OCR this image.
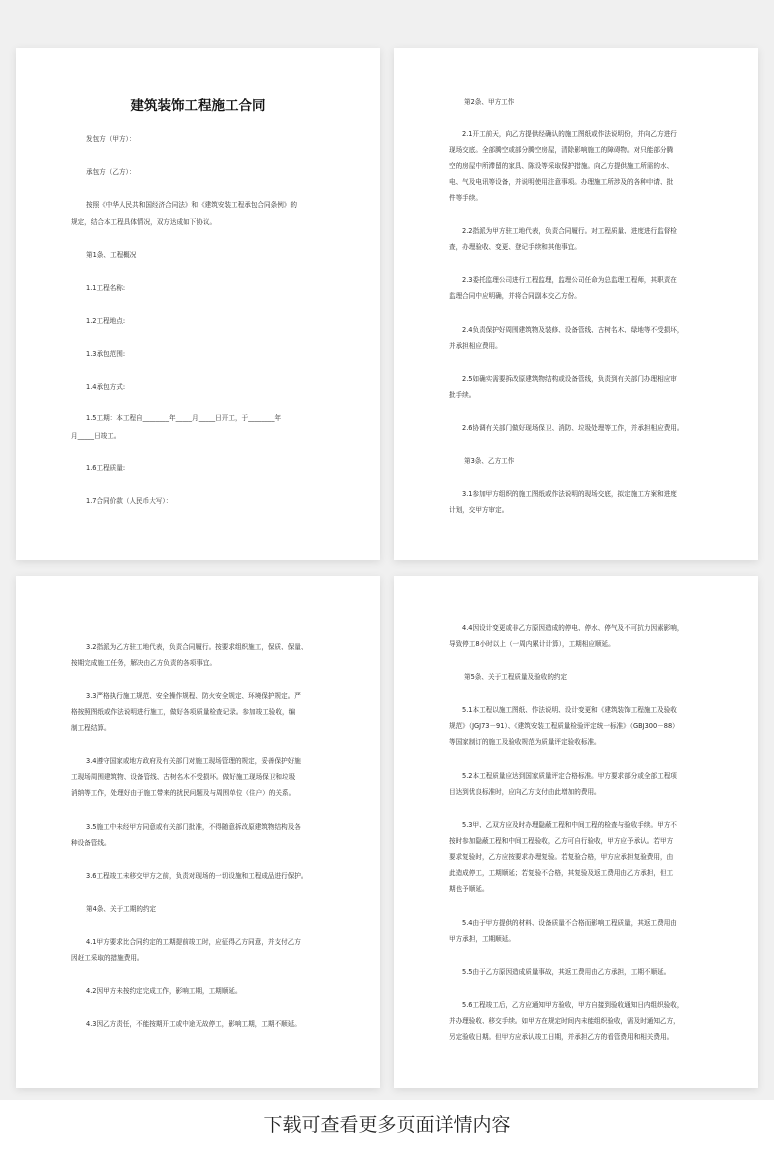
建筑装饰工程施工合同
发包方（甲方）：
承包方（乙方）：
按照《中华人民共和国经济合同法》和《建筑安装工程承包合同条例》的
规定，结合本工程具体情况，双方达成如下协议。
第1条、工程概况
1.1工程名称:
1.2工程地点:
1.3承包范围:
1.4承包方式:
1.5工期：本工程自________年_____月_____日开工，于________年
月_____日竣工。
1.6工程质量:
1.7合同价款（人民币大写）：
第2条、甲方工作
2.1开工前天，向乙方提供经确认的施工图纸或作法说明份，并向乙方进行
现场交底。全部腾空或部分腾空房屋，清除影响施工的障碍物。对只能部分腾
空的房屋中所滞留的家具、陈设等采取保护措施。向乙方提供施工所需的水、
电、气及电讯等设备，并说明使用注意事项。办理施工所涉及的各种申请、批
件等手续。
2.2指派为甲方驻工地代表，负责合同履行。对工程质量、进度进行监督检
查，办理验收、变更、登记手续和其他事宜。
2.3委托监理公司进行工程监理，监理公司任命为总监理工程师，其职责在
监理合同中应明确，并将合同副本交乙方份。
2.4负责保护好周围建筑物及装修、设备管线、古树名木、绿地等不受损坏，
并承担相应费用。
2.5如确实需要拆改原建筑物结构或设备管线，负责到有关部门办理相应审
批手续。
2.6协调有关部门做好现场保卫、消防、垃圾处理等工作，并承担相应费用。
第3条、乙方工作
3.1参加甲方组织的施工图纸或作法说明的现场交底，拟定施工方案和进度
计划，交甲方审定。
3.2指派为乙方驻工地代表，负责合同履行。按要求组织施工，保质、保量、
按期完成施工任务，解决由乙方负责的各项事宜。
3.3严格执行施工规范、安全操作规程、防火安全规定、环境保护规定。严
格按照图纸或作法说明进行施工，做好各项质量检查记录。参加竣工验收，编
制工程结算。
3.4遵守国家或地方政府及有关部门对施工现场管理的规定，妥善保护好施
工现场周围建筑物、设备管线、古树名木不受损坏。做好施工现场保卫和垃圾
消纳等工作，处理好由于施工带来的扰民问题及与周围单位（住户）的关系。
3.5施工中未经甲方同意或有关部门批准，不得随意拆改原建筑物结构及各
种设备管线。
3.6工程竣工未移交甲方之前，负责对现场的一切设施和工程成品进行保护。
第4条、关于工期的约定
4.1甲方要求比合同约定的工期提前竣工时，应征得乙方同意，并支付乙方
因赶工采取的措施费用。
4.2因甲方未按约定完成工作，影响工期，工期顺延。
4.3因乙方责任，不能按期开工或中途无故停工，影响工期，工期不顺延。
4.4因设计变更或非乙方原因造成的停电、停水、停气及不可抗力因素影响，
导致停工8小时以上（一周内累计计算），工期相应顺延。
第5条、关于工程质量及验收的约定
5.1本工程以施工图纸、作法说明、设计变更和《建筑装饰工程施工及验收
规范》（JGJ73－91）、《建筑安装工程质量检验评定统一标准》（GBJ300－88）
等国家制订的施工及验收规范为质量评定验收标准。
5.2本工程质量应达到国家质量评定合格标准。甲方要求部分或全部工程项
目达到优良标准时，应向乙方支付由此增加的费用。
5.3甲、乙双方应及时办理隐蔽工程和中间工程的检查与验收手续。甲方不
按时参加隐蔽工程和中间工程验收，乙方可自行验收，甲方应予承认。若甲方
要求复验时，乙方应按要求办理复验。若复验合格，甲方应承担复验费用，由
此造成停工，工期顺延；若复验不合格，其复验及返工费用由乙方承担，但工
期也予顺延。
5.4由于甲方提供的材料、设备质量不合格而影响工程质量，其返工费用由
甲方承担，工期顺延。
5.5由于乙方原因造成质量事故，其返工费用由乙方承担，工期不顺延。
5.6工程竣工后，乙方应通知甲方验收，甲方自接到验收通知日内组织验收，
并办理验收、移交手续。如甲方在规定时间内未能组织验收，需及时通知乙方，
另定验收日期。但甲方应承认竣工日期，并承担乙方的看管费用和相关费用。
下载可查看更多页面详情内容
